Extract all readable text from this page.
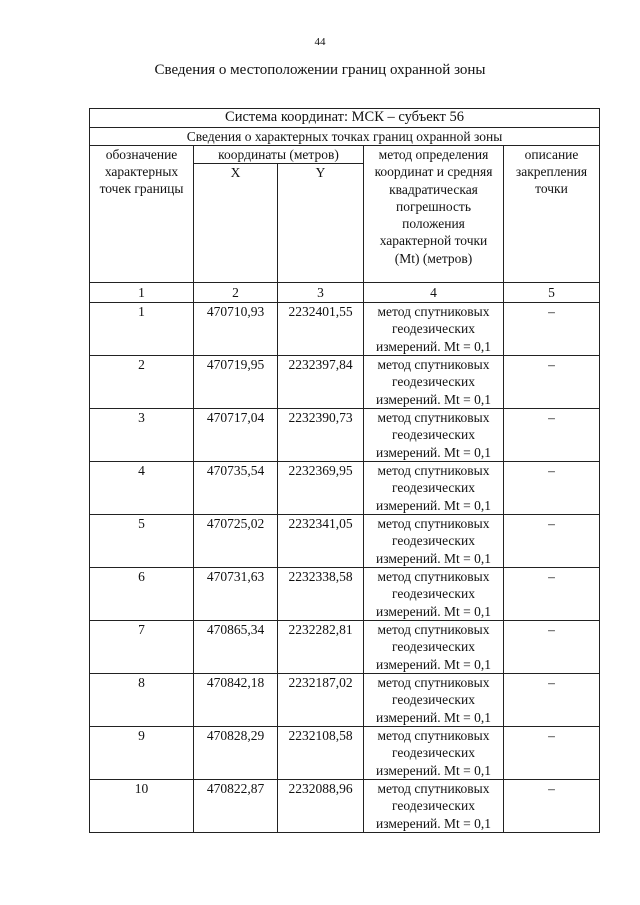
44
Сведения о местоположении границ охранной зоны
Система координат: МСК – субъект 56				
Сведения о характерных точках границ охранной зоны				
обозначение характерных точек границы	координаты (метров)		метод определения координат и средняя квадратическая погрешность положения характерной точки (Mt) (метров)	описание закрепления точки
	X	Y		
1	2	3	4	5
1	470710,93	2232401,55	метод спутниковых геодезических измерений. Mt = 0,1	–
2	470719,95	2232397,84	метод спутниковых геодезических измерений. Mt = 0,1	–
3	470717,04	2232390,73	метод спутниковых геодезических измерений. Mt = 0,1	–
4	470735,54	2232369,95	метод спутниковых геодезических измерений. Mt = 0,1	–
5	470725,02	2232341,05	метод спутниковых геодезических измерений. Mt = 0,1	–
6	470731,63	2232338,58	метод спутниковых геодезических измерений. Mt = 0,1	–
7	470865,34	2232282,81	метод спутниковых геодезических измерений. Mt = 0,1	–
8	470842,18	2232187,02	метод спутниковых геодезических измерений. Mt = 0,1	–
9	470828,29	2232108,58	метод спутниковых геодезических измерений. Mt = 0,1	–
10	470822,87	2232088,96	метод спутниковых геодезических измерений. Mt = 0,1	–
